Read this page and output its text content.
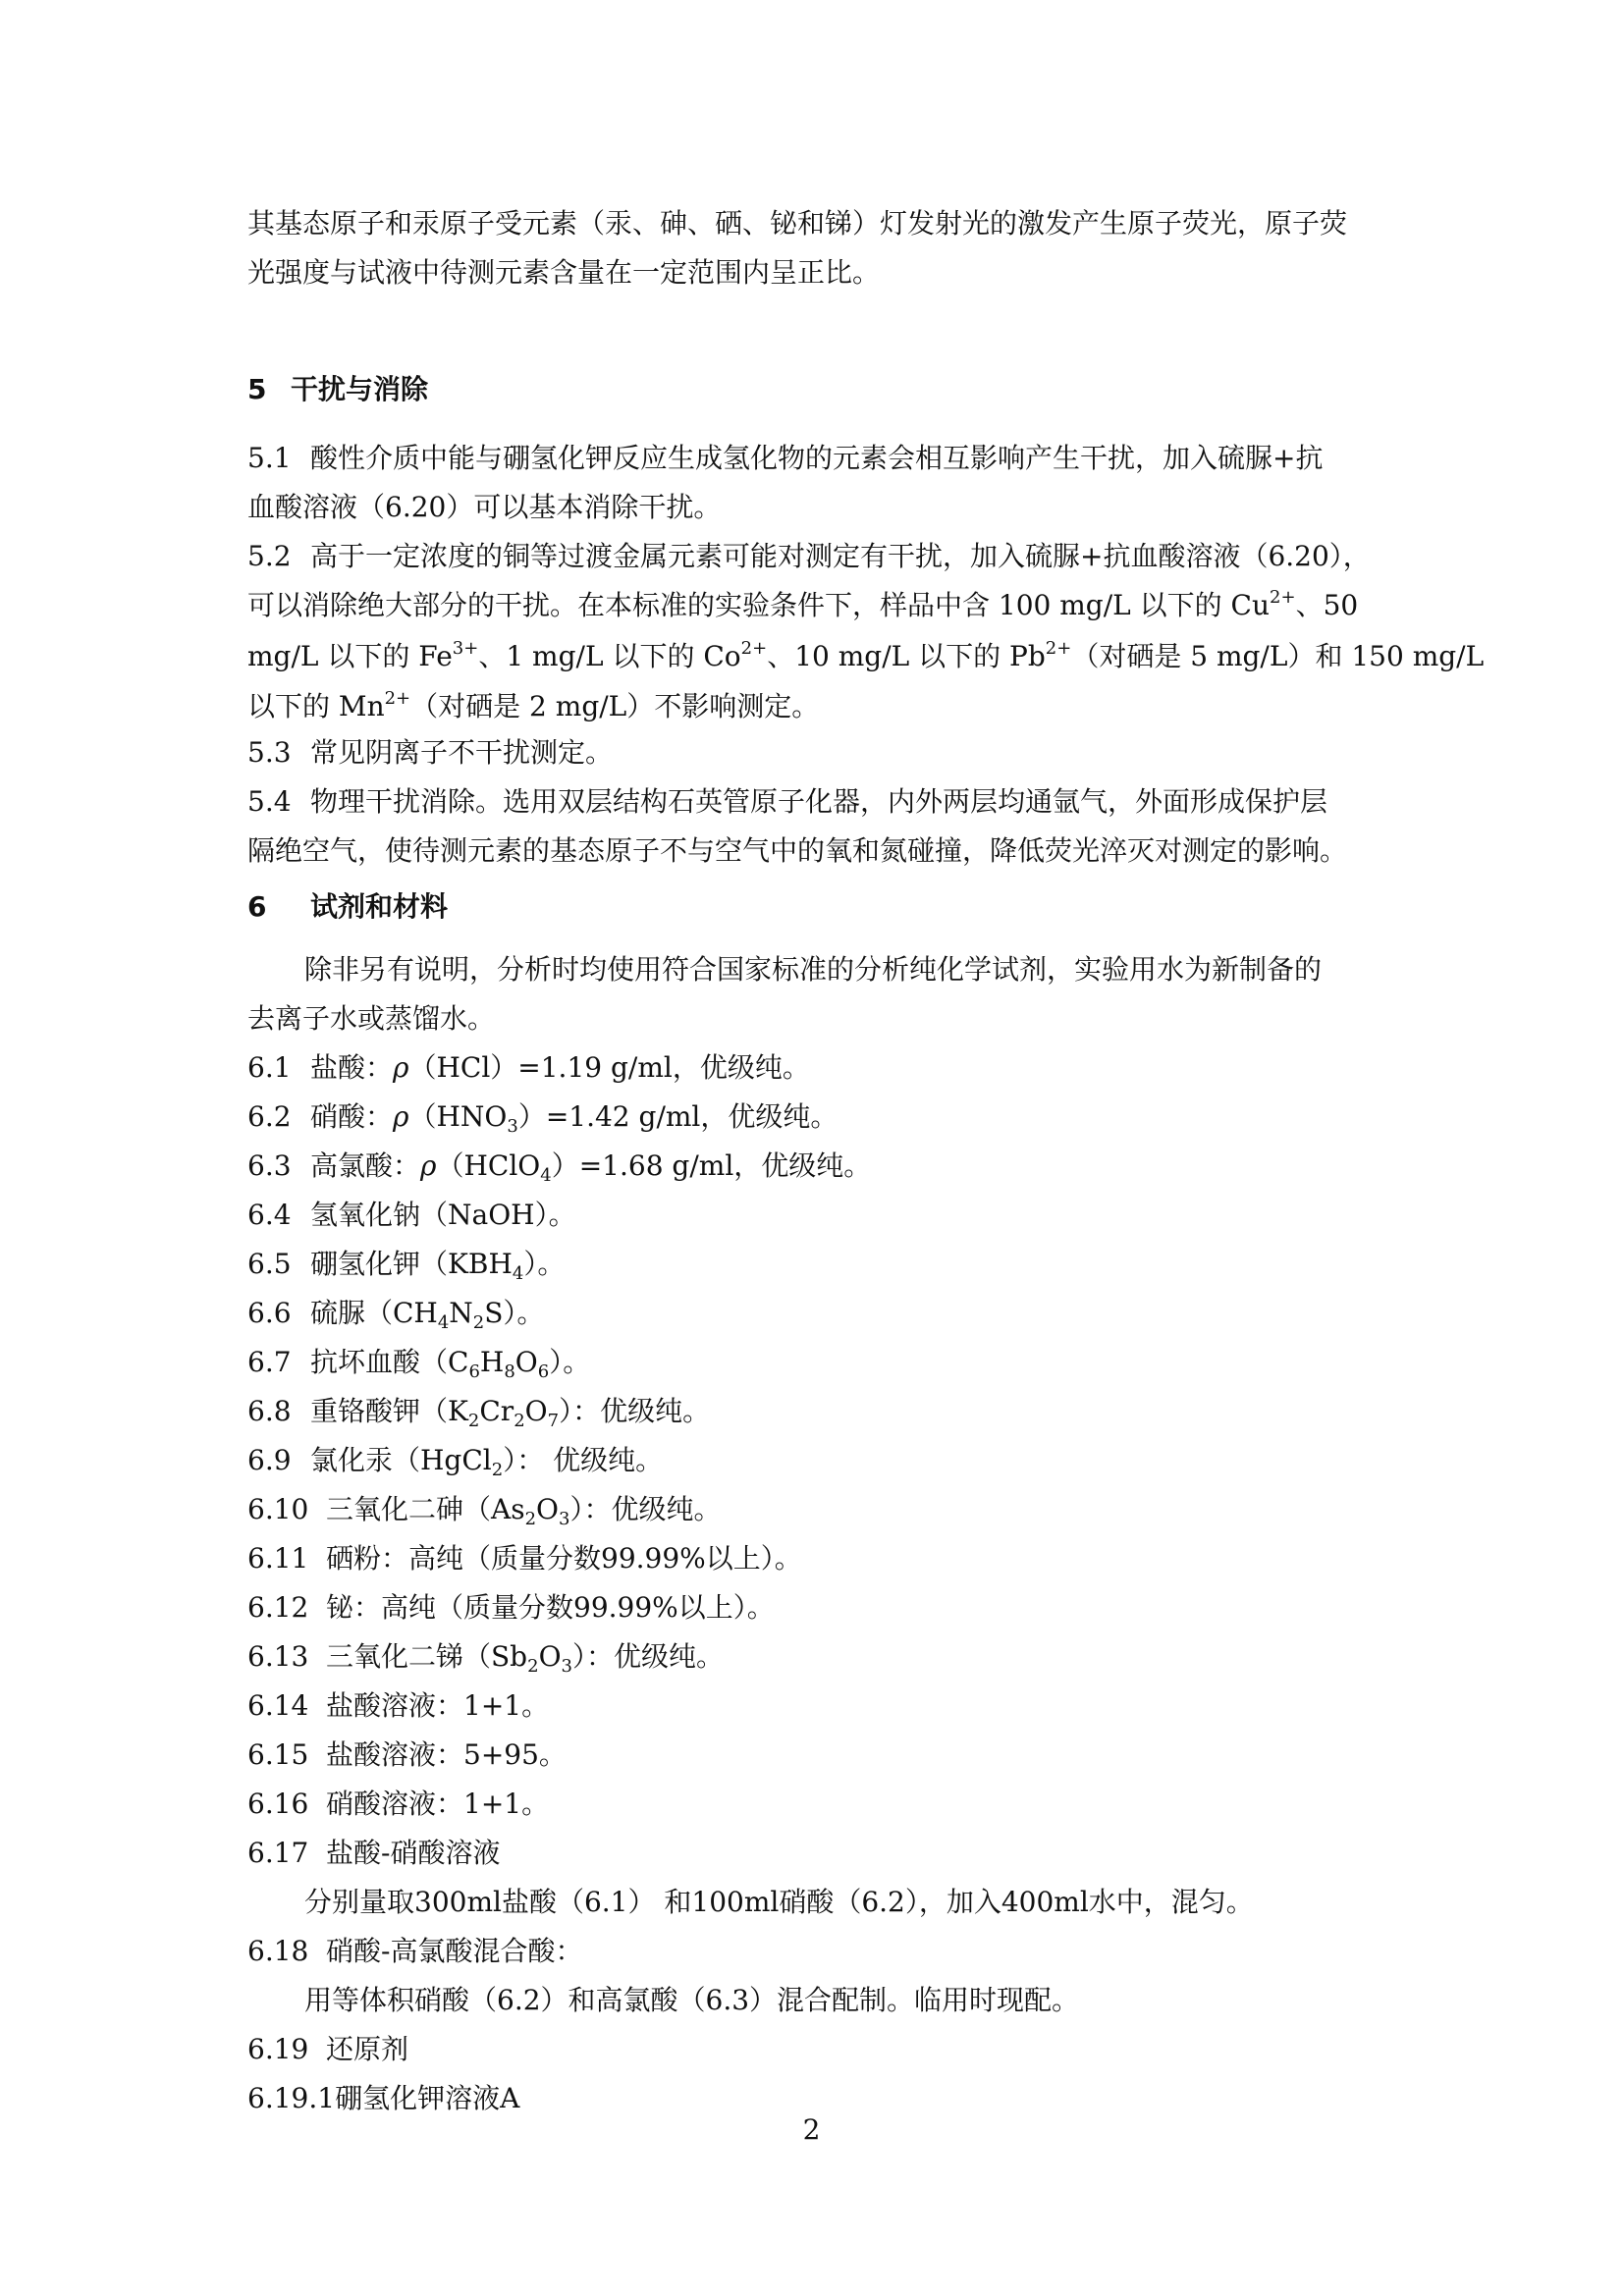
其基态原子和汞原子受元素（汞、砷、硒、铋和锑）灯发射光的激发产生原子荧光，原子荧
光强度与试液中待测元素含量在一定范围内呈正比。
5 干扰与消除
5.1 酸性介质中能与硼氢化钾反应生成氢化物的元素会相互影响产生干扰，加入硫脲+抗
血酸溶液（6.20）可以基本消除干扰。
5.2 高于一定浓度的铜等过渡金属元素可能对测定有干扰，加入硫脲+抗血酸溶液（6.20），
可以消除绝大部分的干扰。在本标准的实验条件下，样品中含 100 mg/L 以下的 $Cu^{2+}$、50
mg/L 以下的 $Fe^{3+}$、1 mg/L 以下的 $Co^{2+}$、10 mg/L 以下的 $Pb^{2+}$（对硒是 5 mg/L）和 150 mg/L
以下的 $Mn^{2+}$（对硒是 2 mg/L）不影响测定。
5.3 常见阴离子不干扰测定。
5.4 物理干扰消除。选用双层结构石英管原子化器，内外两层均通氩气，外面形成保护层
隔绝空气，使待测元素的基态原子不与空气中的氧和氮碰撞，降低荧光淬灭对测定的影响。
6 试剂和材料
除非另有说明，分析时均使用符合国家标准的分析纯化学试剂，实验用水为新制备的
去离子水或蒸馏水。
6.1 盐酸：ρ（HCl）=1.19 g/ml，优级纯。
6.2 硝酸：$\rho(HNO_3)=1.42$ g/ml，优级纯。
6.3 高氯酸：ρ（HClO$_4$）=1.68 g/ml，优级纯。
6.4 氢氧化钠（NaOH）。
6.5 硼氢化钾$(KBH_4)$。
6.6 硫脲$(CH_4N_2S)$。
6.7 抗坏血酸$(C_6H_8O_6)$。
6.8 重铬酸钾$(K_2Cr_2O_7)$：优级纯。
6.9 氯化汞（HgCl$_2$）： 优级纯。
6.10 三氧化二砷$(As_2O_3)$：优级纯。
6.11 硒粉：高纯（质量分数99.99%以上）。
6.12 铋：高纯（质量分数99.99%以上）。
6.13 三氧化二锑$(Sb_2O_3)$：优级纯。
6.14 盐酸溶液：1+1。
6.15 盐酸溶液：5+95。
6.16 硝酸溶液：1+1。
6.17 盐酸-硝酸溶液
分别量取300ml盐酸（6.1） 和100ml硝酸（6.2），加入400ml水中，混匀。
6.18 硝酸-高氯酸混合酸：
用等体积硝酸（6.2）和高氯酸（6.3）混合配制。临用时现配。
6.19 还原剂
6.19.1硼氢化钾溶液A
2
